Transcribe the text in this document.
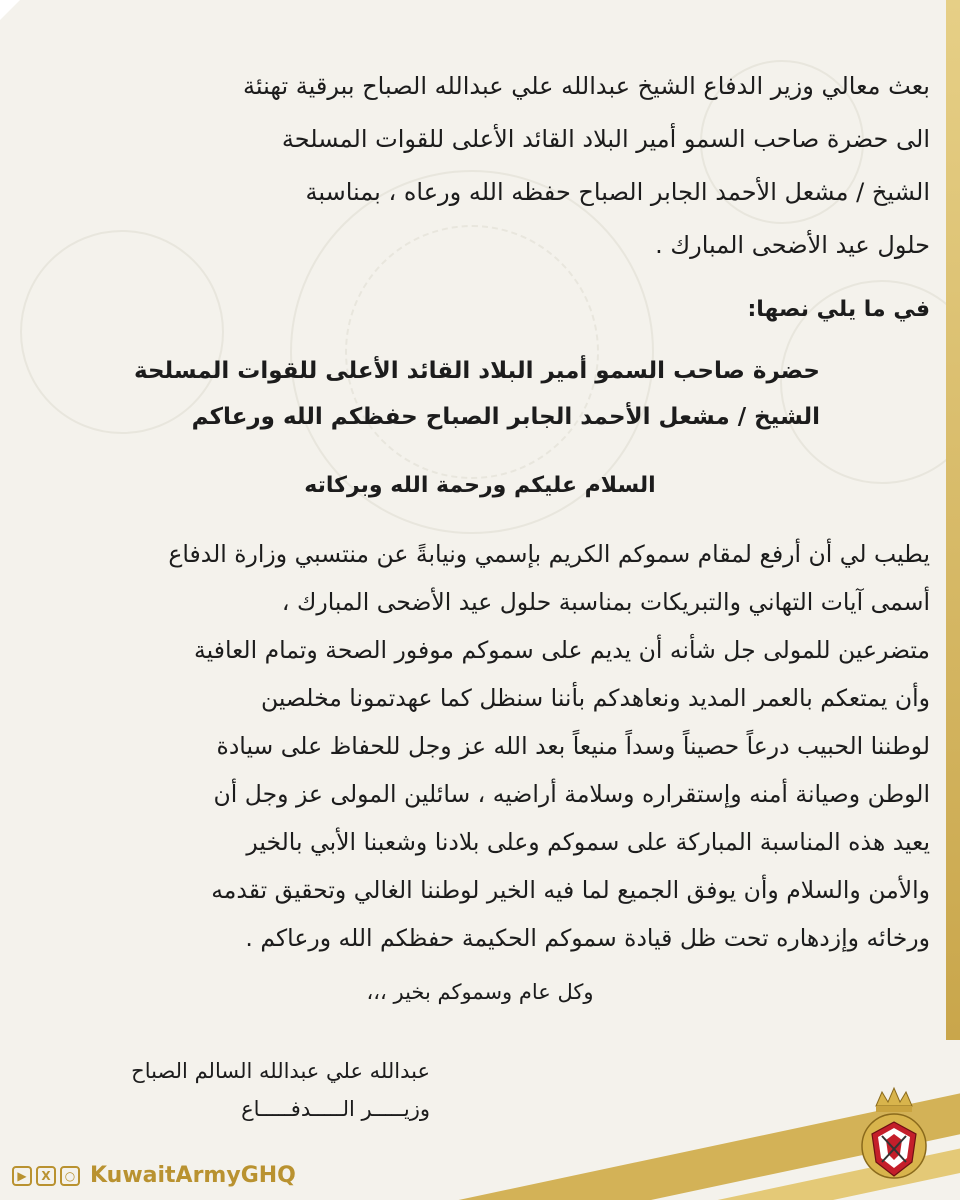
بعث معالي وزير الدفاع الشيخ عبدالله علي عبدالله الصباح ببرقية تهنئة
الى حضرة صاحب السمو أمير البلاد القائد الأعلى للقوات المسلحة
الشيخ / مشعل الأحمد الجابر الصباح حفظه الله ورعاه ، بمناسبة
حلول عيد الأضحى المبارك .
في ما يلي نصها:
حضرة صاحب السمو أمير البلاد القائد الأعلى للقوات المسلحة
الشيخ / مشعل الأحمد الجابر الصباح حفظكم الله ورعاكم
السلام عليكم ورحمة الله وبركاته
يطيب لي أن أرفع لمقام سموكم الكريم بإسمي ونيابةً عن منتسبي وزارة الدفاع
أسمى آيات التهاني والتبريكات بمناسبة حلول عيد الأضحى المبارك ،
متضرعين للمولى جل شأنه أن يديم على سموكم موفور الصحة وتمام العافية
وأن يمتعكم بالعمر المديد ونعاهدكم بأننا سنظل كما عهدتمونا مخلصين
لوطننا الحبيب درعاً حصيناً وسداً منيعاً بعد الله عز وجل للحفاظ على سيادة
الوطن وصيانة أمنه وإستقراره وسلامة أراضيه ، سائلين المولى عز وجل أن
يعيد هذه المناسبة المباركة على سموكم وعلى بلادنا وشعبنا الأبي بالخير
والأمن والسلام وأن يوفق الجميع لما فيه الخير لوطننا الغالي وتحقيق تقدمه
ورخائه وإزدهاره تحت ظل قيادة سموكم الحكيمة حفظكم الله ورعاكم .
وكل عام وسموكم بخير ،،،
عبدالله علي عبدالله السالم الصباح
وزيـــــر الـــــدفـــــاع
▶	X	○ KuwaitArmyGHQ
